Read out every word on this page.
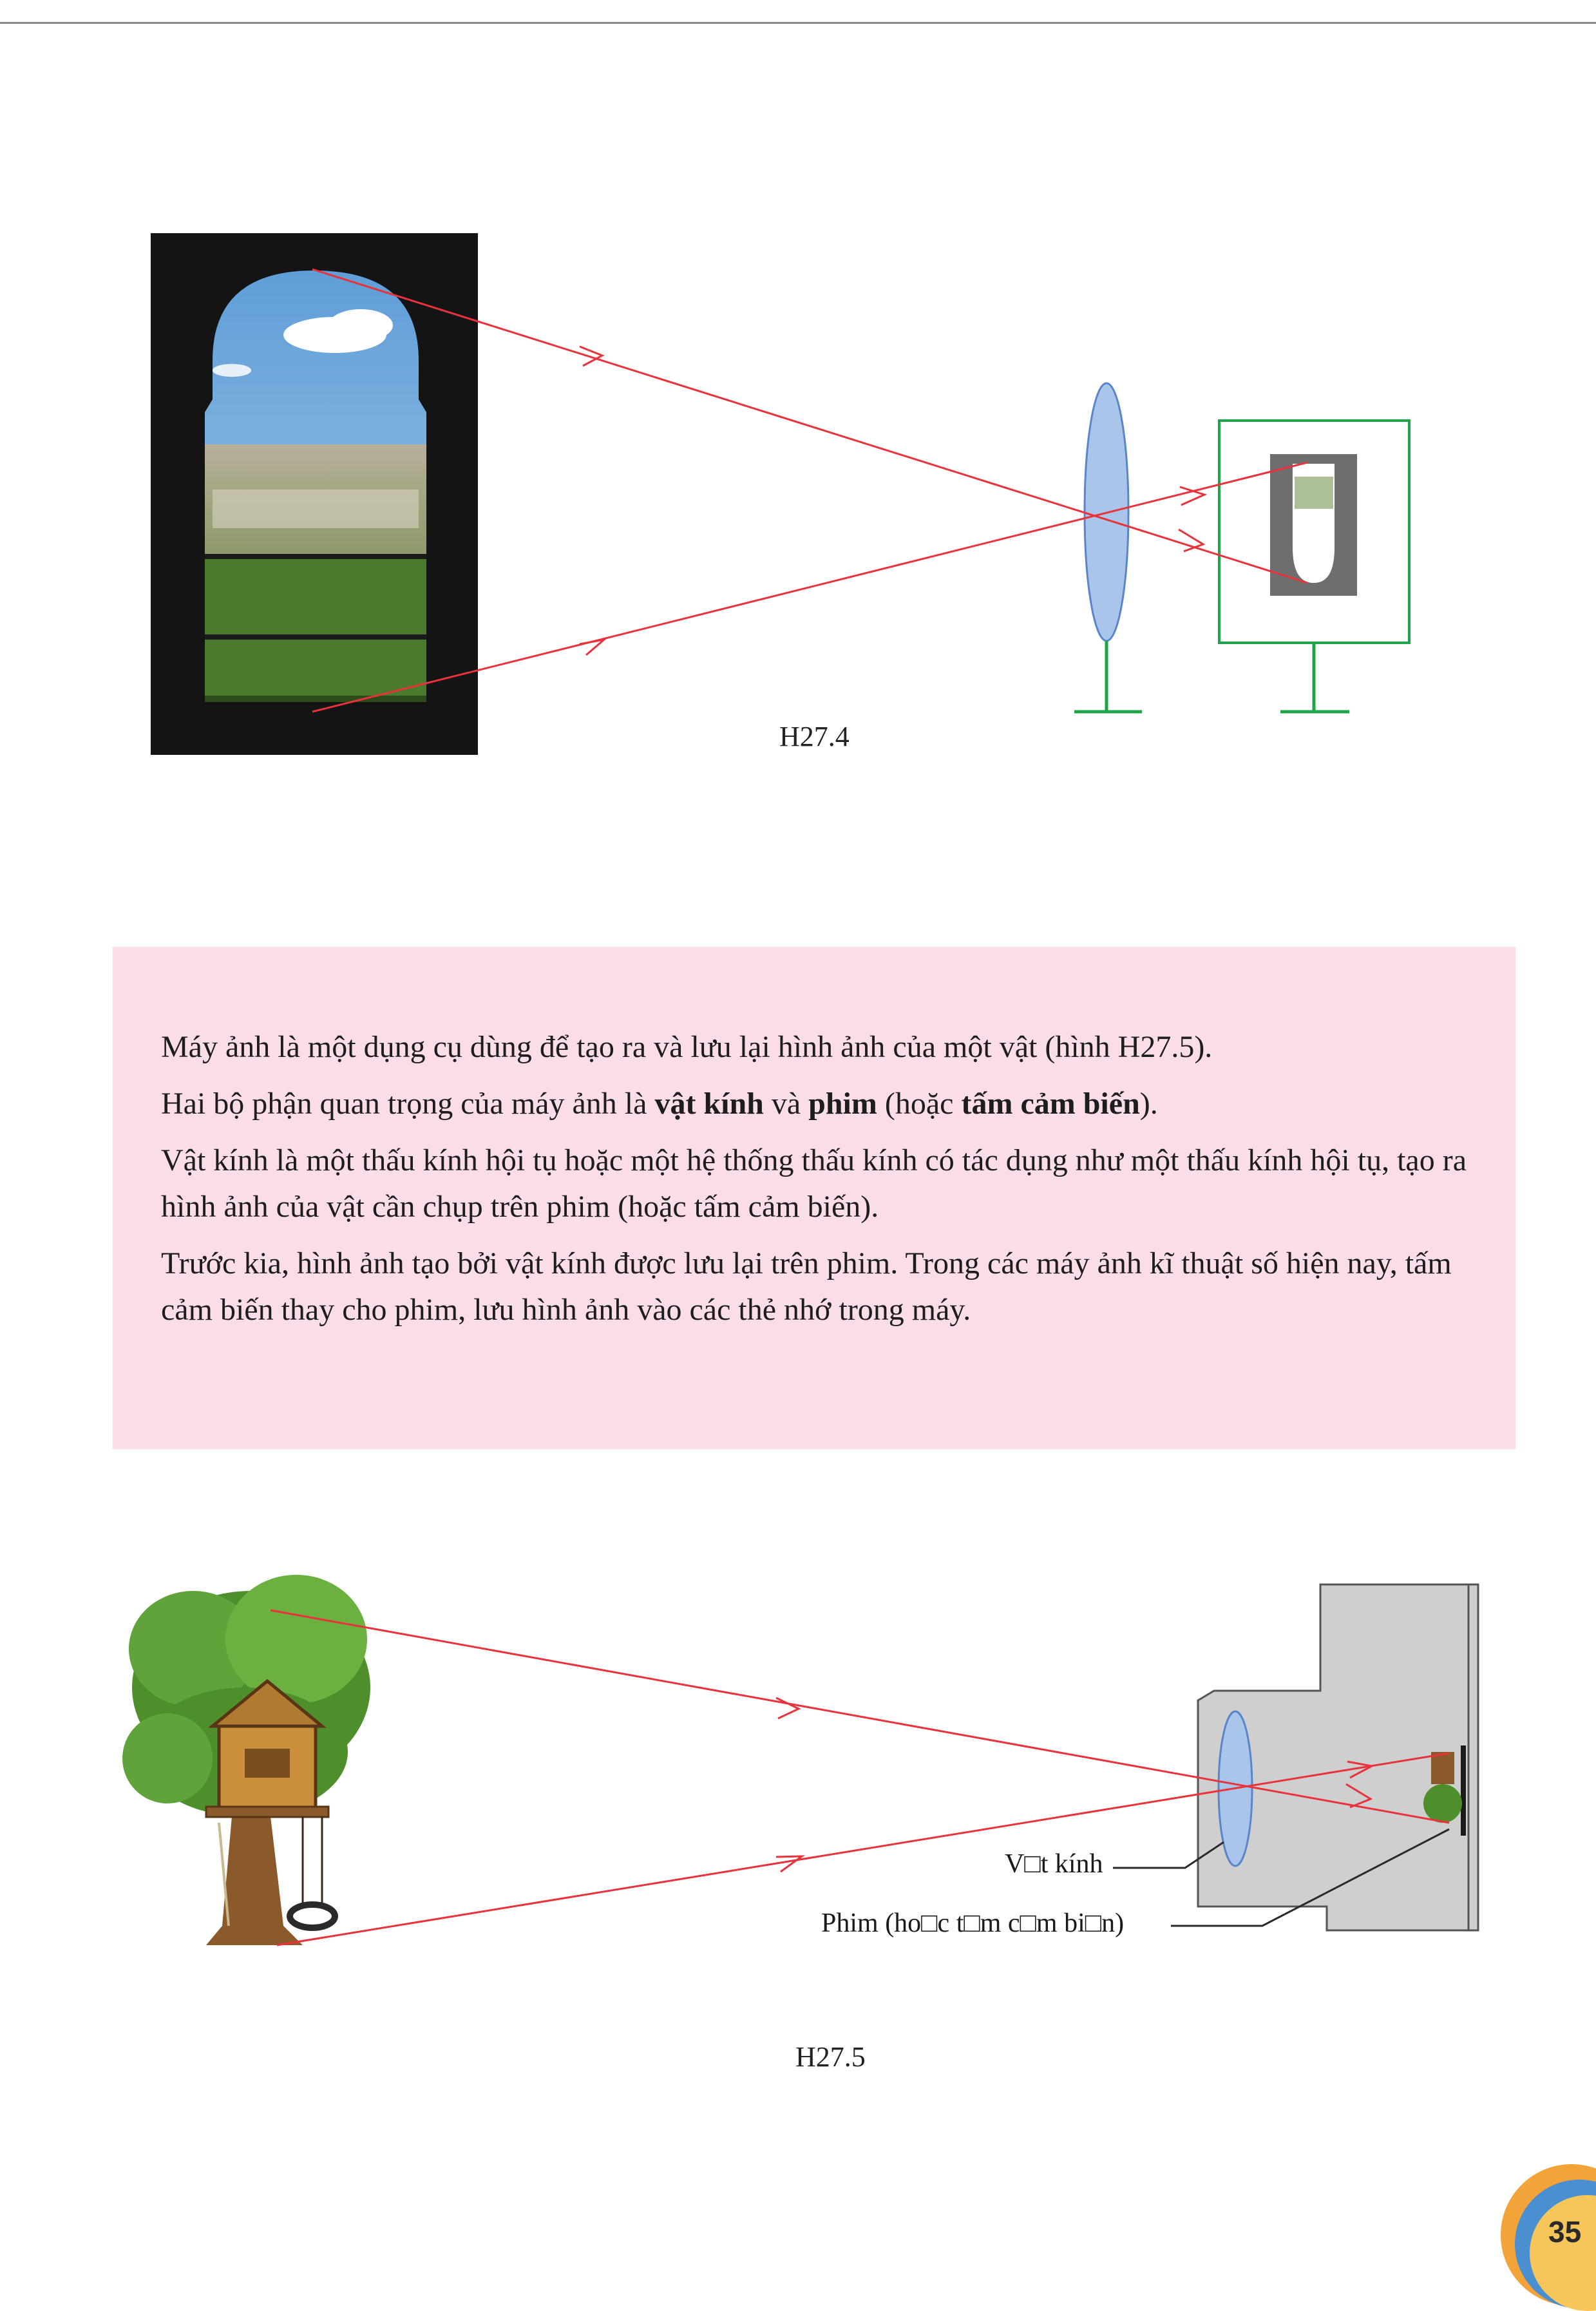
H27.4

Máy ảnh là một dụng cụ dùng để tạo ra và lưu lại hình ảnh của một vật (hình H27.5).

Hai bộ phận quan trọng của máy ảnh là vật kính và phim (hoặc tấm cảm biến).

Vật kính là một thấu kính hội tụ hoặc một hệ thống thấu kính có tác dụng như một thấu kính hội tụ, tạo ra hình ảnh của vật cần chụp trên phim (hoặc tấm cảm biến).

Trước kia, hình ảnh tạo bởi vật kính được lưu lại trên phim. Trong các máy ảnh kĩ thuật số hiện nay, tấm cảm biến thay cho phim, lưu hình ảnh vào các thẻ nhớ trong máy.

V□t kính
Phim (ho□c t□m c□m bi□n)
H27.5
35
